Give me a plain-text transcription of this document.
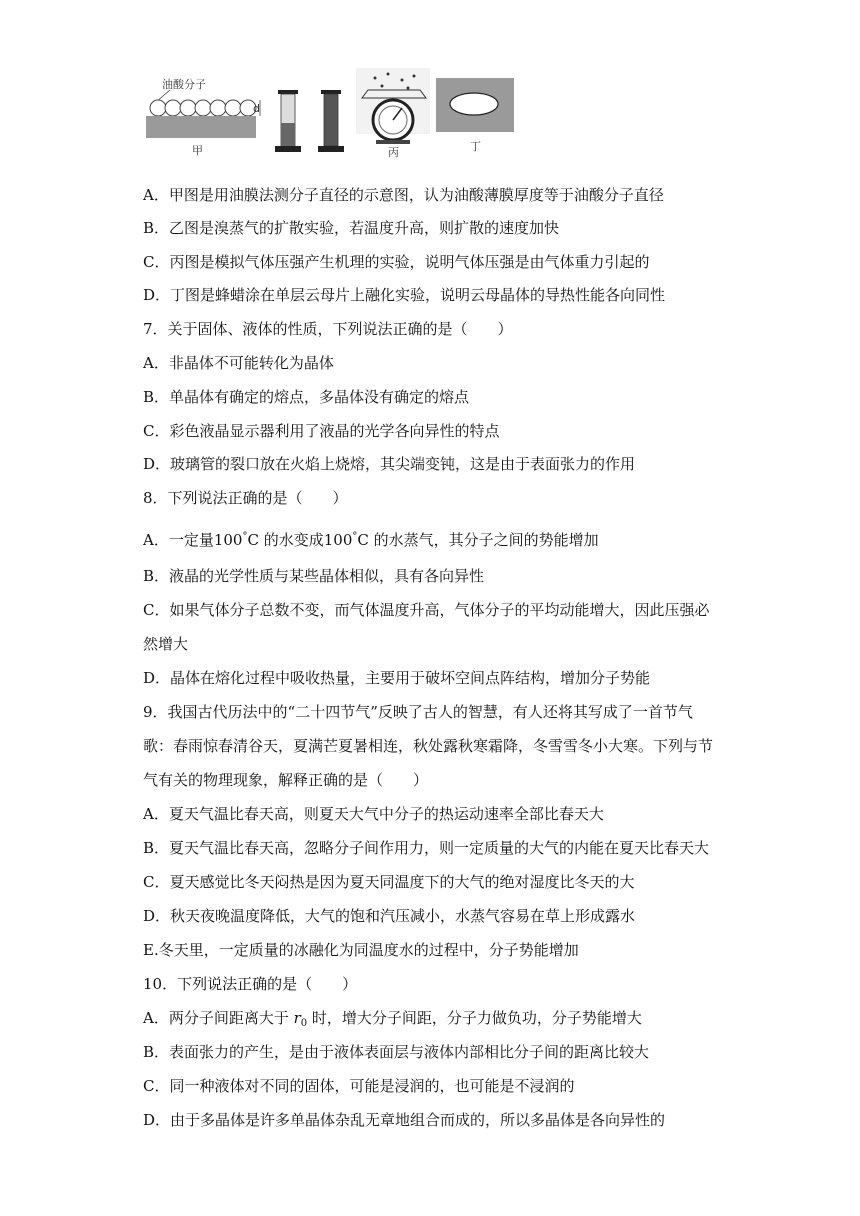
油酸分子
d
甲	丙	丁
A．甲图是用油膜法测分子直径的示意图，认为油酸薄膜厚度等于油酸分子直径
B．乙图是溴蒸气的扩散实验，若温度升高，则扩散的速度加快
C．丙图是模拟气体压强产生机理的实验，说明气体压强是由气体重力引起的
D．丁图是蜂蜡涂在单层云母片上融化实验，说明云母晶体的导热性能各向同性
7．关于固体、液体的性质，下列说法正确的是（　　）
A．非晶体不可能转化为晶体
B．单晶体有确定的熔点，多晶体没有确定的熔点
C．彩色液晶显示器利用了液晶的光学各向异性的特点
D．玻璃管的裂口放在火焰上烧熔，其尖端变钝，这是由于表面张力的作用
8．下列说法正确的是（　　）
A．一定量100°C 的水变成100°C 的水蒸气，其分子之间的势能增加
B．液晶的光学性质与某些晶体相似，具有各向异性
C．如果气体分子总数不变，而气体温度升高，气体分子的平均动能增大，因此压强必
然增大
D．晶体在熔化过程中吸收热量，主要用于破坏空间点阵结构，增加分子势能
9．我国古代历法中的“二十四节气”反映了古人的智慧，有人还将其写成了一首节气
歌：春雨惊春清谷天，夏满芒夏暑相连，秋处露秋寒霜降，冬雪雪冬小大寒。下列与节
气有关的物理现象，解释正确的是（　　）
A．夏天气温比春天高，则夏天大气中分子的热运动速率全部比春天大
B．夏天气温比春天高，忽略分子间作用力，则一定质量的大气的内能在夏天比春天大
C．夏天感觉比冬天闷热是因为夏天同温度下的大气的绝对湿度比冬天的大
D．秋天夜晚温度降低，大气的饱和汽压减小，水蒸气容易在草上形成露水
E.冬天里，一定质量的冰融化为同温度水的过程中，分子势能增加
10．下列说法正确的是（　　）
A．两分子间距离大于 $r_0$ 时，增大分子间距，分子力做负功，分子势能增大
B．表面张力的产生，是由于液体表面层与液体内部相比分子间的距离比较大
C．同一种液体对不同的固体，可能是浸润的，也可能是不浸润的
D．由于多晶体是许多单晶体杂乱无章地组合而成的，所以多晶体是各向异性的
